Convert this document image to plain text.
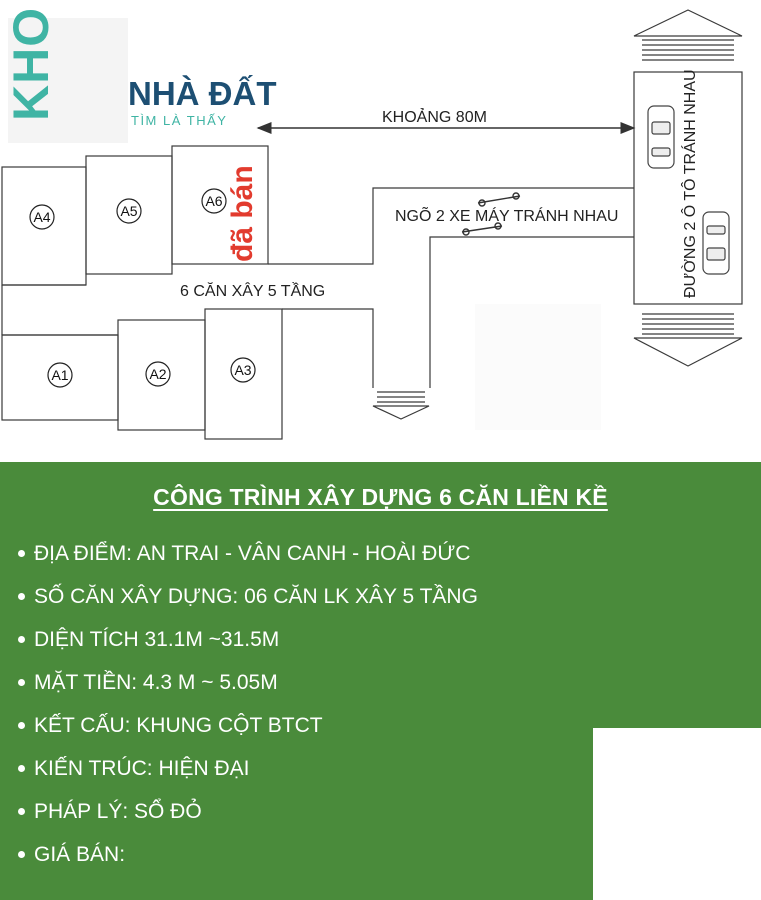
KHO NHÀ ĐẤT
TÌM LÀ THẤY	KHOẢNG 80M
A4	A5
A6
A1	A2	A3
đã bán
6 CĂN XÂY 5 TẦNG
NGÕ 2 XE MÁY TRÁNH NHAU	ĐƯỜNG 2 Ô TÔ TRÁNH NHAU
CÔNG TRÌNH XÂY DỰNG 6 CĂN LIỀN KỀ
ĐỊA ĐIỂM: AN TRAI - VÂN CANH - HOÀI ĐỨC
SỐ CĂN XÂY DỰNG: 06 CĂN LK XÂY 5 TẦNG
DIỆN TÍCH 31.1M ~31.5M
MẶT TIỀN: 4.3 M ~ 5.05M
KẾT CẤU: KHUNG CỘT BTCT
KIẾN TRÚC: HIỆN ĐẠI
PHÁP LÝ: SỔ ĐỎ
GIÁ BÁN:
